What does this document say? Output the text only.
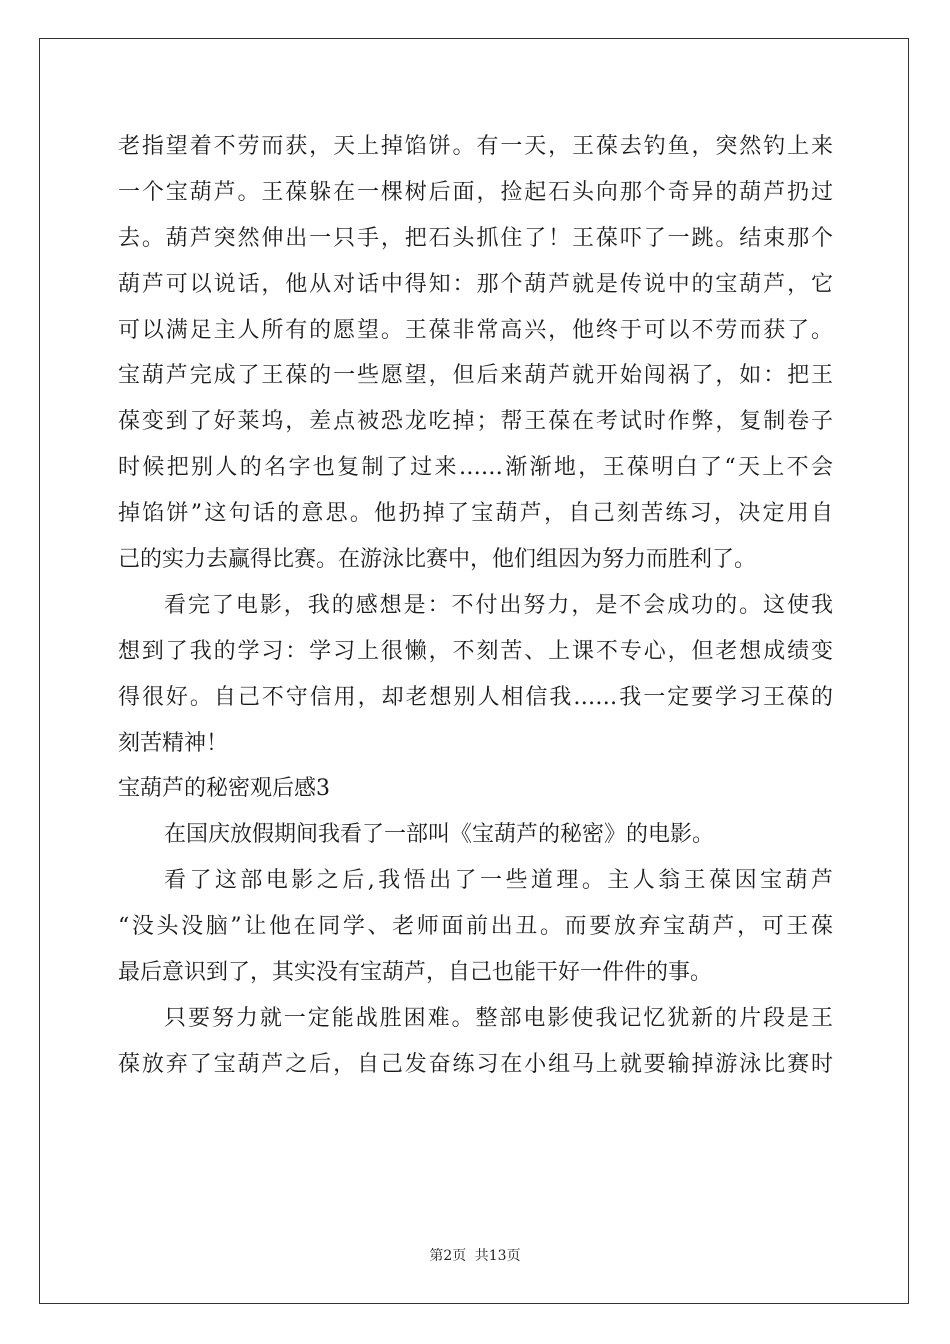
老指望着不劳而获，天上掉馅饼。有一天，王葆去钓鱼，突然钓上来
一个宝葫芦。王葆躲在一棵树后面，捡起石头向那个奇异的葫芦扔过
去。葫芦突然伸出一只手，把石头抓住了！王葆吓了一跳。结束那个
葫芦可以说话，他从对话中得知：那个葫芦就是传说中的宝葫芦，它
可以满足主人所有的愿望。王葆非常高兴，他终于可以不劳而获了。
宝葫芦完成了王葆的一些愿望，但后来葫芦就开始闯祸了，如：把王
葆变到了好莱坞，差点被恐龙吃掉；帮王葆在考试时作弊，复制卷子
时候把别人的名字也复制了过来……渐渐地，王葆明白了“天上不会
掉馅饼”这句话的意思。他扔掉了宝葫芦，自己刻苦练习，决定用自
己的实力去赢得比赛。在游泳比赛中，他们组因为努力而胜利了。
看完了电影，我的感想是：不付出努力，是不会成功的。这使我
想到了我的学习：学习上很懒，不刻苦、上课不专心，但老想成绩变
得很好。自己不守信用，却老想别人相信我……我一定要学习王葆的
刻苦精神！
宝葫芦的秘密观后感3
在国庆放假期间我看了一部叫《宝葫芦的秘密》的电影。
看了这部电影之后,我悟出了一些道理。主人翁王葆因宝葫芦
“没头没脑”让他在同学、老师面前出丑。而要放弃宝葫芦，可王葆
最后意识到了，其实没有宝葫芦，自己也能干好一件件的事。
只要努力就一定能战胜困难。整部电影使我记忆犹新的片段是王
葆放弃了宝葫芦之后，自己发奋练习在小组马上就要输掉游泳比赛时
第2页 共13页
